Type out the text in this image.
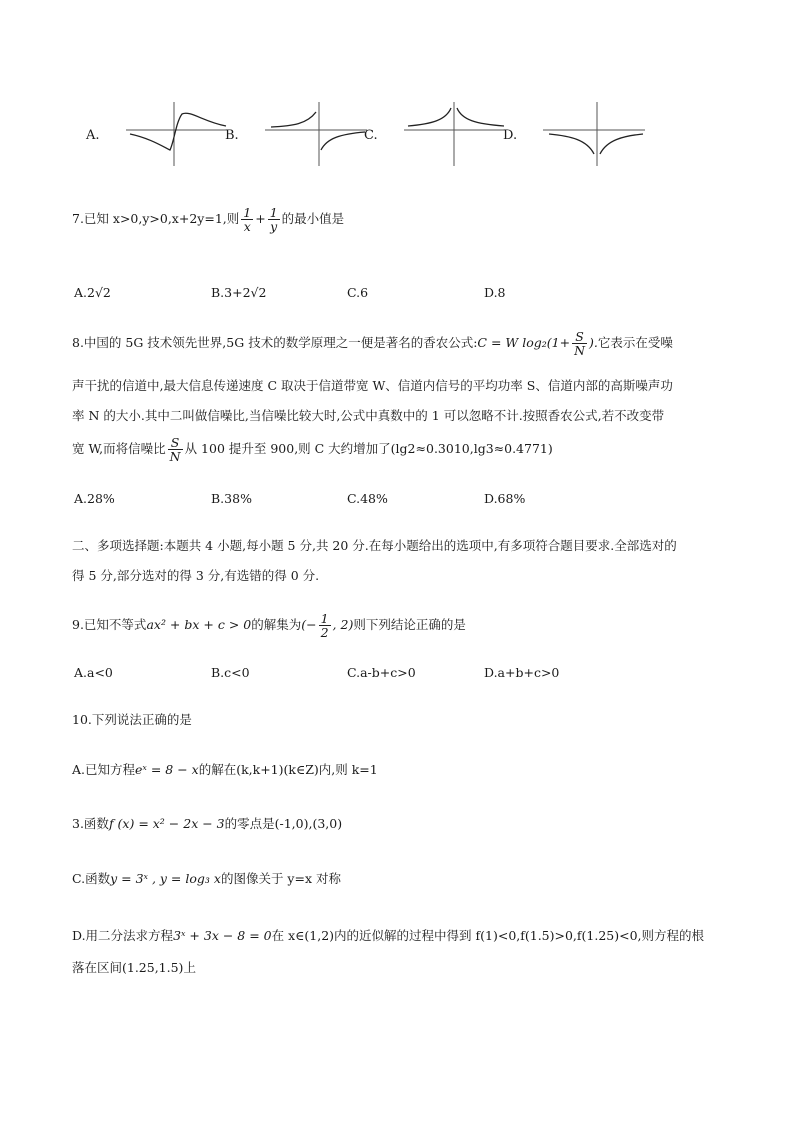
A.	B.	C.	D.
7.已知 x>0,y>0,x+2y=1,则 $\frac{1}{x} + \frac{1}{y}$ 的最小值是
A.2√2	B.3+2√2	C.6	D.8
8.中国的 5G 技术领先世界,5G 技术的数学原理之一便是著名的香农公式:C = W $\log_2(1+ \frac{S}{N}$ ).它表示在受噪
声干扰的信道中,最大信息传递速度 C 取决于信道带宽 W、信道内信号的平均功率 S、信道内部的高斯噪声功
率 N 的大小.其中二叫做信噪比,当信噪比较大时,公式中真数中的 1 可以忽略不计.按照香农公式,若不改变带
宽 W,而将信噪比 $\frac{S}{N}$ 从 100 提升至 900,则 C 大约增加了(lg2≈0.3010,lg3≈0.4771)
A.28%	B.38%	C.48%	D.68%
二、多项选择题:本题共 4 小题,每小题 5 分,共 20 分.在每小题给出的选项中,有多项符合题目要求.全部选对的
得 5 分,部分选对的得 3 分,有选错的得 0 分.
9.已知不等式ax² + bx + c > 0的解集为(− $\frac{1}{2}$ , 2)则下列结论正确的是
A.a<0	B.c<0	C.a-b+c>0	D.a+b+c>0
10.下列说法正确的是
A.已知方程eˣ = 8 − x的解在(k,k+1)(k∈Z)内,则 k=1
3.函数f (x) = x² − 2x − 3的零点是(-1,0),(3,0)
C.函数y = 3ˣ , y = log₃ x的图像关于 y=x 对称
D.用二分法求方程3ˣ + 3x − 8 = 0在 x∈(1,2)内的近似解的过程中得到 f(1)<0,f(1.5)>0,f(1.25)<0,则方程的根
落在区间(1.25,1.5)上
